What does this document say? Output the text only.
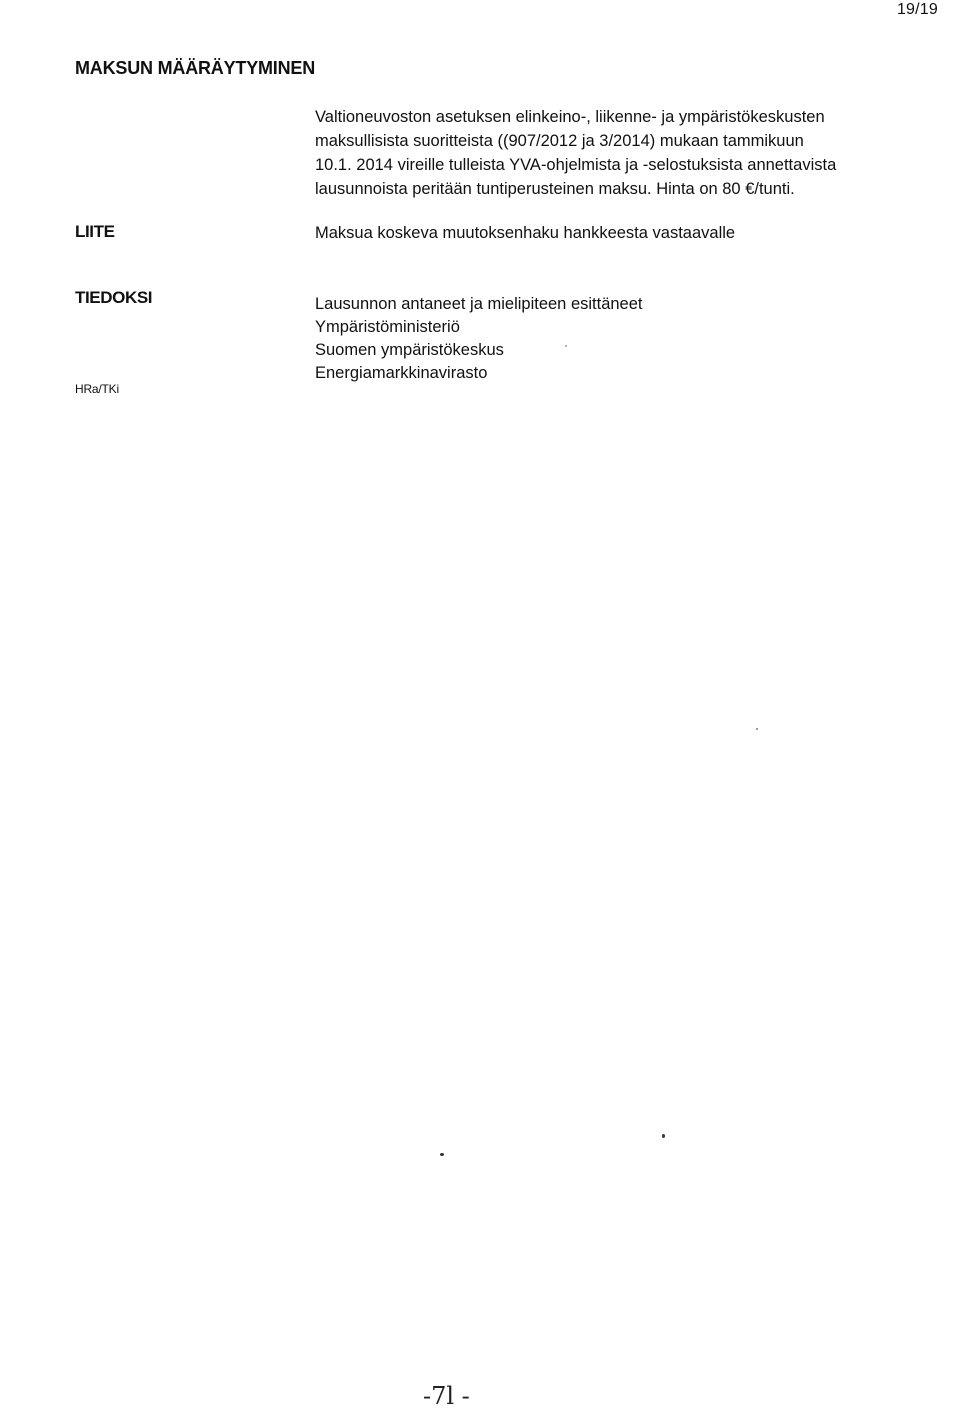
19/19
MAKSUN MÄÄRÄYTYMINEN

Valtioneuvoston asetuksen elinkeino-, liikenne- ja ympäristökeskusten
maksullisista suoritteista ((907/2012 ja 3/2014) mukaan tammikuun
10.1. 2014 vireille tulleista YVA-ohjelmista ja -selostuksista annettavista
lausunnoista peritään tuntiperusteinen maksu. Hinta on 80 €/tunti.

LIITE	Maksua koskeva muutoksenhaku hankkeesta vastaavalle
TIEDOKSI	Lausunnon antaneet ja mielipiteen esittäneet
Ympäristöministeriö
Suomen ympäristökeskus
Energiamarkkinavirasto
HRa/TKi
-7l -
